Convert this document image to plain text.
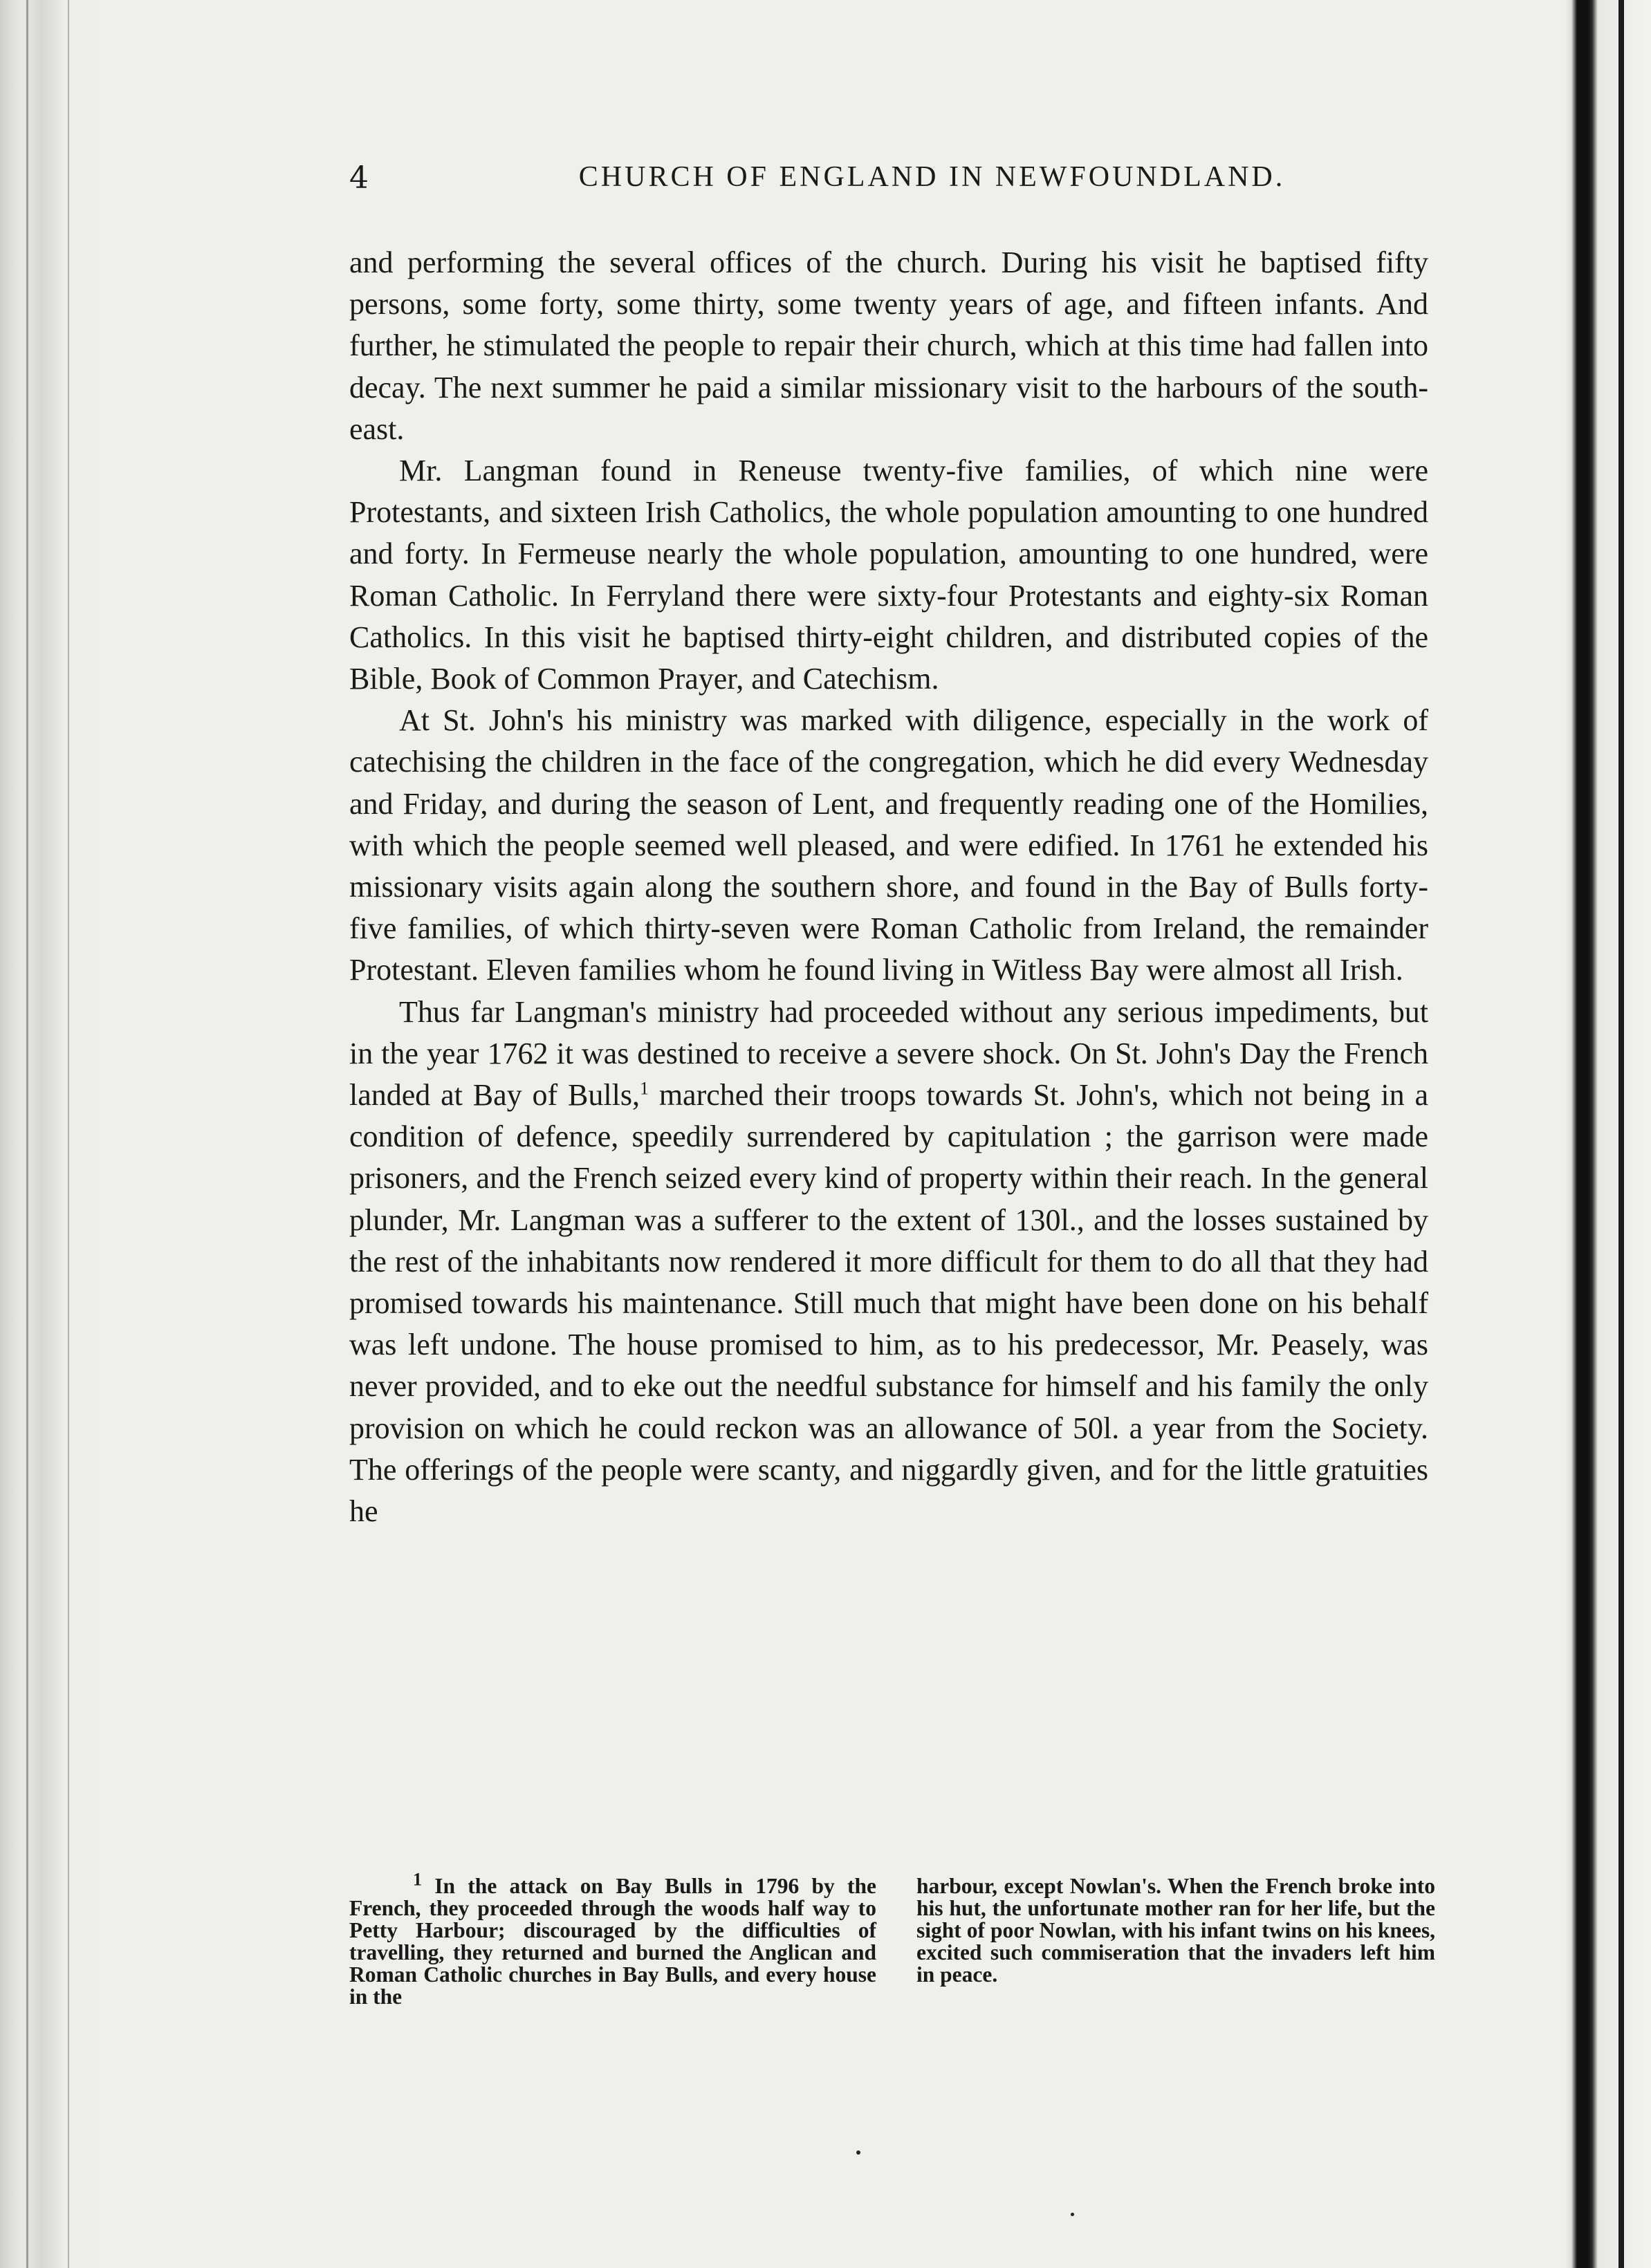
4	CHURCH OF ENGLAND IN NEWFOUNDLAND.

and performing the several offices of the church. During his visit he baptised fifty persons, some forty, some thirty, some twenty years of age, and fifteen infants. And further, he stimulated the people to repair their church, which at this time had fallen into decay. The next summer he paid a similar missionary visit to the harbours of the south-east.

Mr. Langman found in Reneuse twenty-five families, of which nine were Protestants, and sixteen Irish Catholics, the whole population amounting to one hundred and forty. In Fermeuse nearly the whole population, amounting to one hundred, were Roman Catholic. In Ferryland there were sixty-four Protestants and eighty-six Roman Catholics. In this visit he baptised thirty-eight children, and distributed copies of the Bible, Book of Common Prayer, and Catechism.

At St. John's his ministry was marked with diligence, especially in the work of catechising the children in the face of the congregation, which he did every Wednesday and Friday, and during the season of Lent, and frequently reading one of the Homilies, with which the people seemed well pleased, and were edified. In 1761 he extended his missionary visits again along the southern shore, and found in the Bay of Bulls forty-five families, of which thirty-seven were Roman Catholic from Ireland, the remainder Protestant. Eleven families whom he found living in Witless Bay were almost all Irish.

Thus far Langman's ministry had proceeded without any serious impediments, but in the year 1762 it was destined to receive a severe shock. On St. John's Day the French landed at Bay of Bulls,$^1$ marched their troops towards St. John's, which not being in a condition of defence, speedily surrendered by capitulation ; the garrison were made prisoners, and the French seized every kind of property within their reach. In the general plunder, Mr. Langman was a sufferer to the extent of 130l., and the losses sustained by the rest of the inhabitants now rendered it more difficult for them to do all that they had promised towards his maintenance. Still much that might have been done on his behalf was left undone. The house promised to him, as to his predecessor, Mr. Peasely, was never provided, and to eke out the needful substance for himself and his family the only provision on which he could reckon was an allowance of 50l. a year from the Society. The offerings of the people were scanty, and niggardly given, and for the little gratuities he

$^1$ In the attack on Bay Bulls in 1796 by the French, they proceeded through the woods half way to Petty Harbour; discouraged by the difficulties of travelling, they returned and burned the Anglican and Roman Catholic churches in Bay Bulls, and every house in the
harbour, except Nowlan's. When the French broke into his hut, the unfortunate mother ran for her life, but the sight of poor Nowlan, with his infant twins on his knees, excited such commiseration that the invaders left him in peace.
